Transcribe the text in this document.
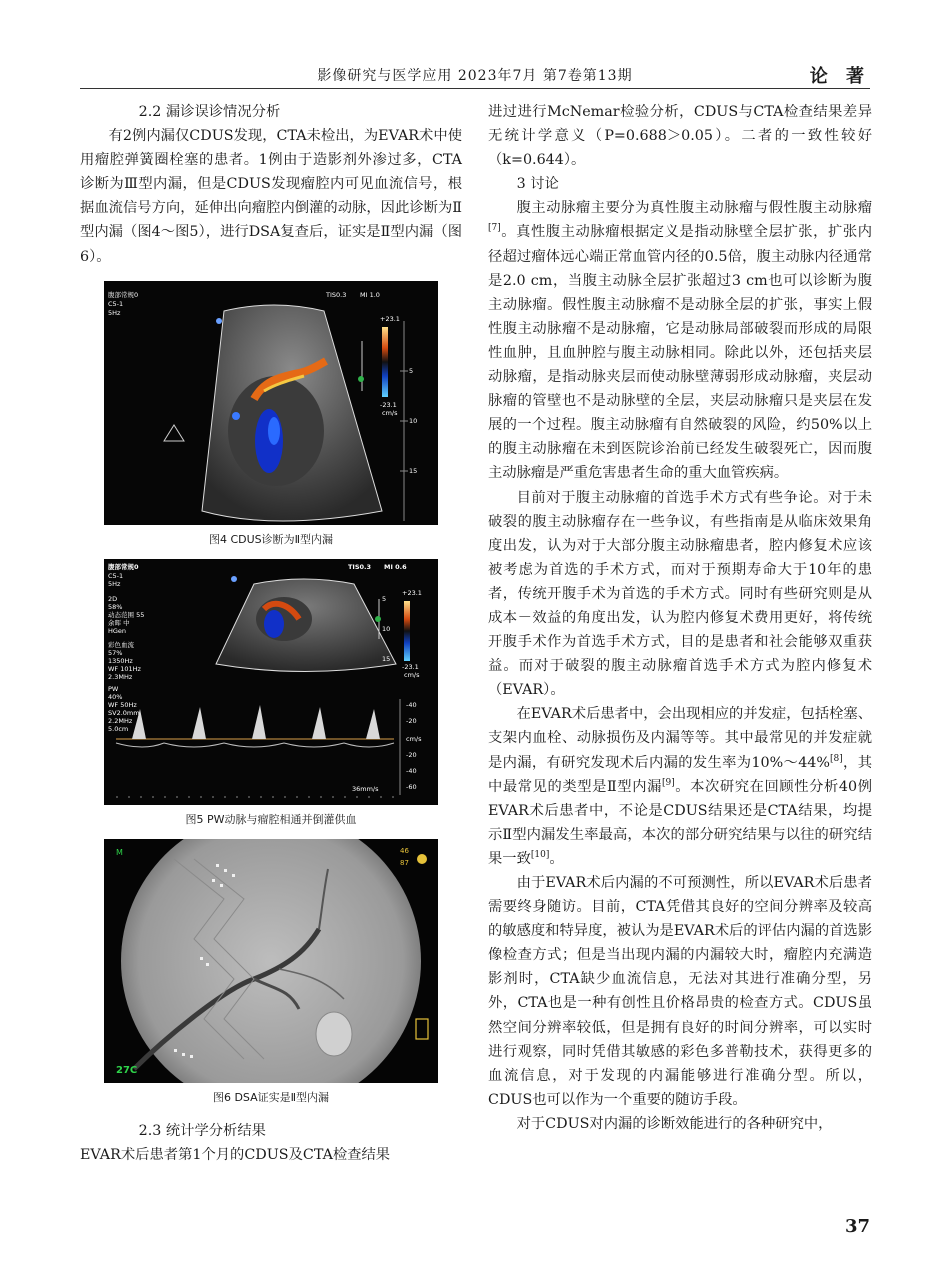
影像研究与医学应用 2023年7月 第7卷第13期	论 著

2.2 漏诊误诊情况分析

有2例内漏仅CDUS发现，CTA未检出，为EVAR术中使用瘤腔弹簧圈栓塞的患者。1例由于造影剂外渗过多，CTA诊断为Ⅲ型内漏，但是CDUS发现瘤腔内可见血流信号，根据血流信号方向，延伸出向瘤腔内倒灌的动脉，因此诊断为Ⅱ型内漏（图4～图5），进行DSA复查后，证实是Ⅱ型内漏（图6）。

腹部常规0
C5-1
5Hz
TIS0.3 MI 1.0
+23.1
-23.1
cm/s
5
10
15
图4 CDUS诊断为Ⅱ型内漏
腹部常规0
C5-1
5Hz
2D
58%
动态范围 55
余晖 中
HGen
彩色血流
57%
1350Hz
WF 101Hz
2.3MHz
PW
40%
WF 50Hz
SV2.0mm
2.2MHz
5.0cm
TIS0.3 MI 0.6
+23.1
-23.1
cm/s
5
10
15
-40
-20
cm/s
-20
-40
-60
36mm/s
图5 PW动脉与瘤腔相通并倒灌供血
M
27C
46
87
图6 DSA证实是Ⅱ型内漏

2.3 统计学分析结果

EVAR术后患者第1个月的CDUS及CTA检查结果

进过进行McNemar检验分析，CDUS与CTA检查结果差异无统计学意义（P=0.688＞0.05）。二者的一致性较好（k=0.644）。

3 讨论

腹主动脉瘤主要分为真性腹主动脉瘤与假性腹主动脉瘤[7]。真性腹主动脉瘤根据定义是指动脉壁全层扩张，扩张内径超过瘤体远心端正常血管内径的0.5倍，腹主动脉内径通常是2.0 cm，当腹主动脉全层扩张超过3 cm也可以诊断为腹主动脉瘤。假性腹主动脉瘤不是动脉全层的扩张，事实上假性腹主动脉瘤不是动脉瘤，它是动脉局部破裂而形成的局限性血肿，且血肿腔与腹主动脉相同。除此以外，还包括夹层动脉瘤，是指动脉夹层而使动脉壁薄弱形成动脉瘤，夹层动脉瘤的管壁也不是动脉壁的全层，夹层动脉瘤只是夹层在发展的一个过程。腹主动脉瘤有自然破裂的风险，约50%以上的腹主动脉瘤在未到医院诊治前已经发生破裂死亡，因而腹主动脉瘤是严重危害患者生命的重大血管疾病。

目前对于腹主动脉瘤的首选手术方式有些争论。对于未破裂的腹主动脉瘤存在一些争议，有些指南是从临床效果角度出发，认为对于大部分腹主动脉瘤患者，腔内修复术应该被考虑为首选的手术方式，而对于预期寿命大于10年的患者，传统开腹手术为首选的手术方式。同时有些研究则是从成本－效益的角度出发，认为腔内修复术费用更好，将传统开腹手术作为首选手术方式，目的是患者和社会能够双重获益。而对于破裂的腹主动脉瘤首选手术方式为腔内修复术（EVAR）。

在EVAR术后患者中，会出现相应的并发症，包括栓塞、支架内血栓、动脉损伤及内漏等等。其中最常见的并发症就是内漏，有研究发现术后内漏的发生率为10%～44%[8]，其中最常见的类型是Ⅱ型内漏[9]。本次研究在回顾性分析40例EVAR术后患者中，不论是CDUS结果还是CTA结果，均提示Ⅱ型内漏发生率最高，本次的部分研究结果与以往的研究结果一致[10]。

由于EVAR术后内漏的不可预测性，所以EVAR术后患者需要终身随访。目前，CTA凭借其良好的空间分辨率及较高的敏感度和特异度，被认为是EVAR术后的评估内漏的首选影像检查方式；但是当出现内漏的内漏较大时，瘤腔内充满造影剂时，CTA缺少血流信息，无法对其进行准确分型，另外，CTA也是一种有创性且价格昂贵的检查方式。CDUS虽然空间分辨率较低，但是拥有良好的时间分辨率，可以实时进行观察，同时凭借其敏感的彩色多普勒技术，获得更多的血流信息，对于发现的内漏能够进行准确分型。所以，CDUS也可以作为一个重要的随访手段。

对于CDUS对内漏的诊断效能进行的各种研究中，

37
